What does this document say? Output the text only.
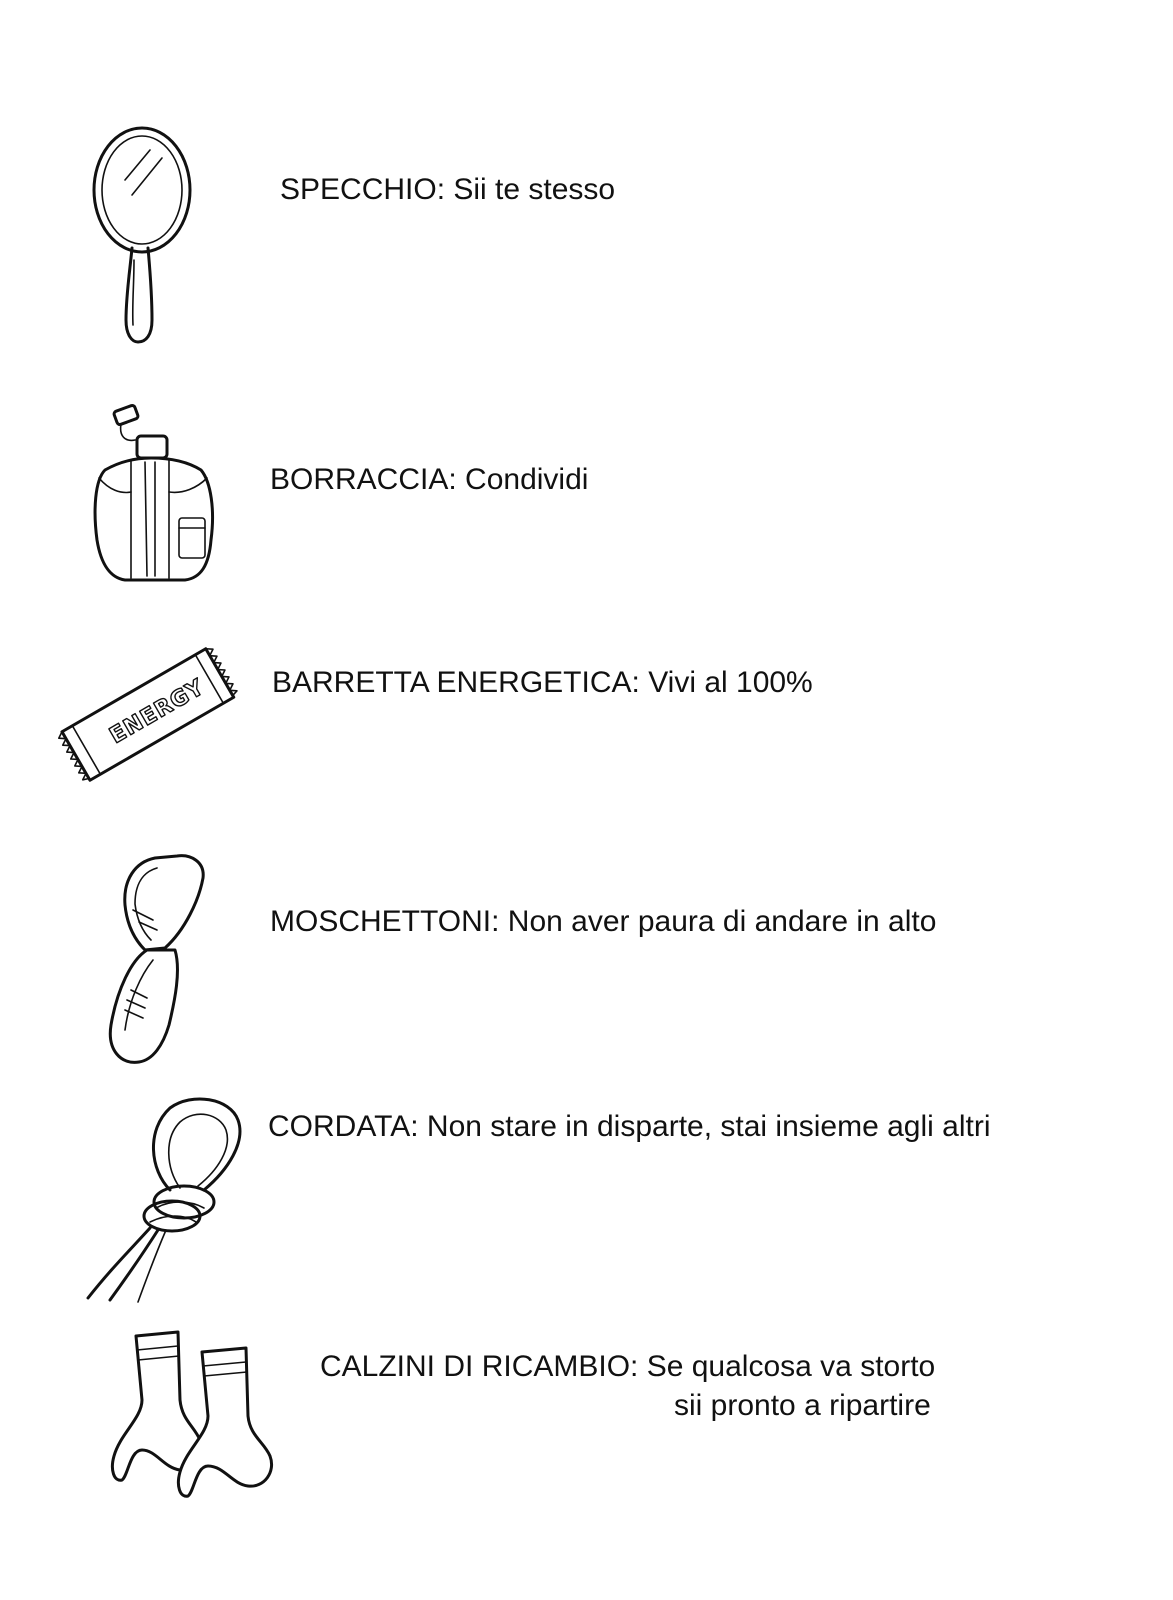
SPECCHIO: Sii te stesso
BORRACCIA: Condividi
ENERGY BARRETTA ENERGETICA: Vivi al 100%
MOSCHETTONI: Non aver paura di andare in alto
CORDATA: Non stare in disparte, stai insieme agli altri
CALZINI DI RICAMBIO: Se qualcosa va storto
sii pronto a ripartire
